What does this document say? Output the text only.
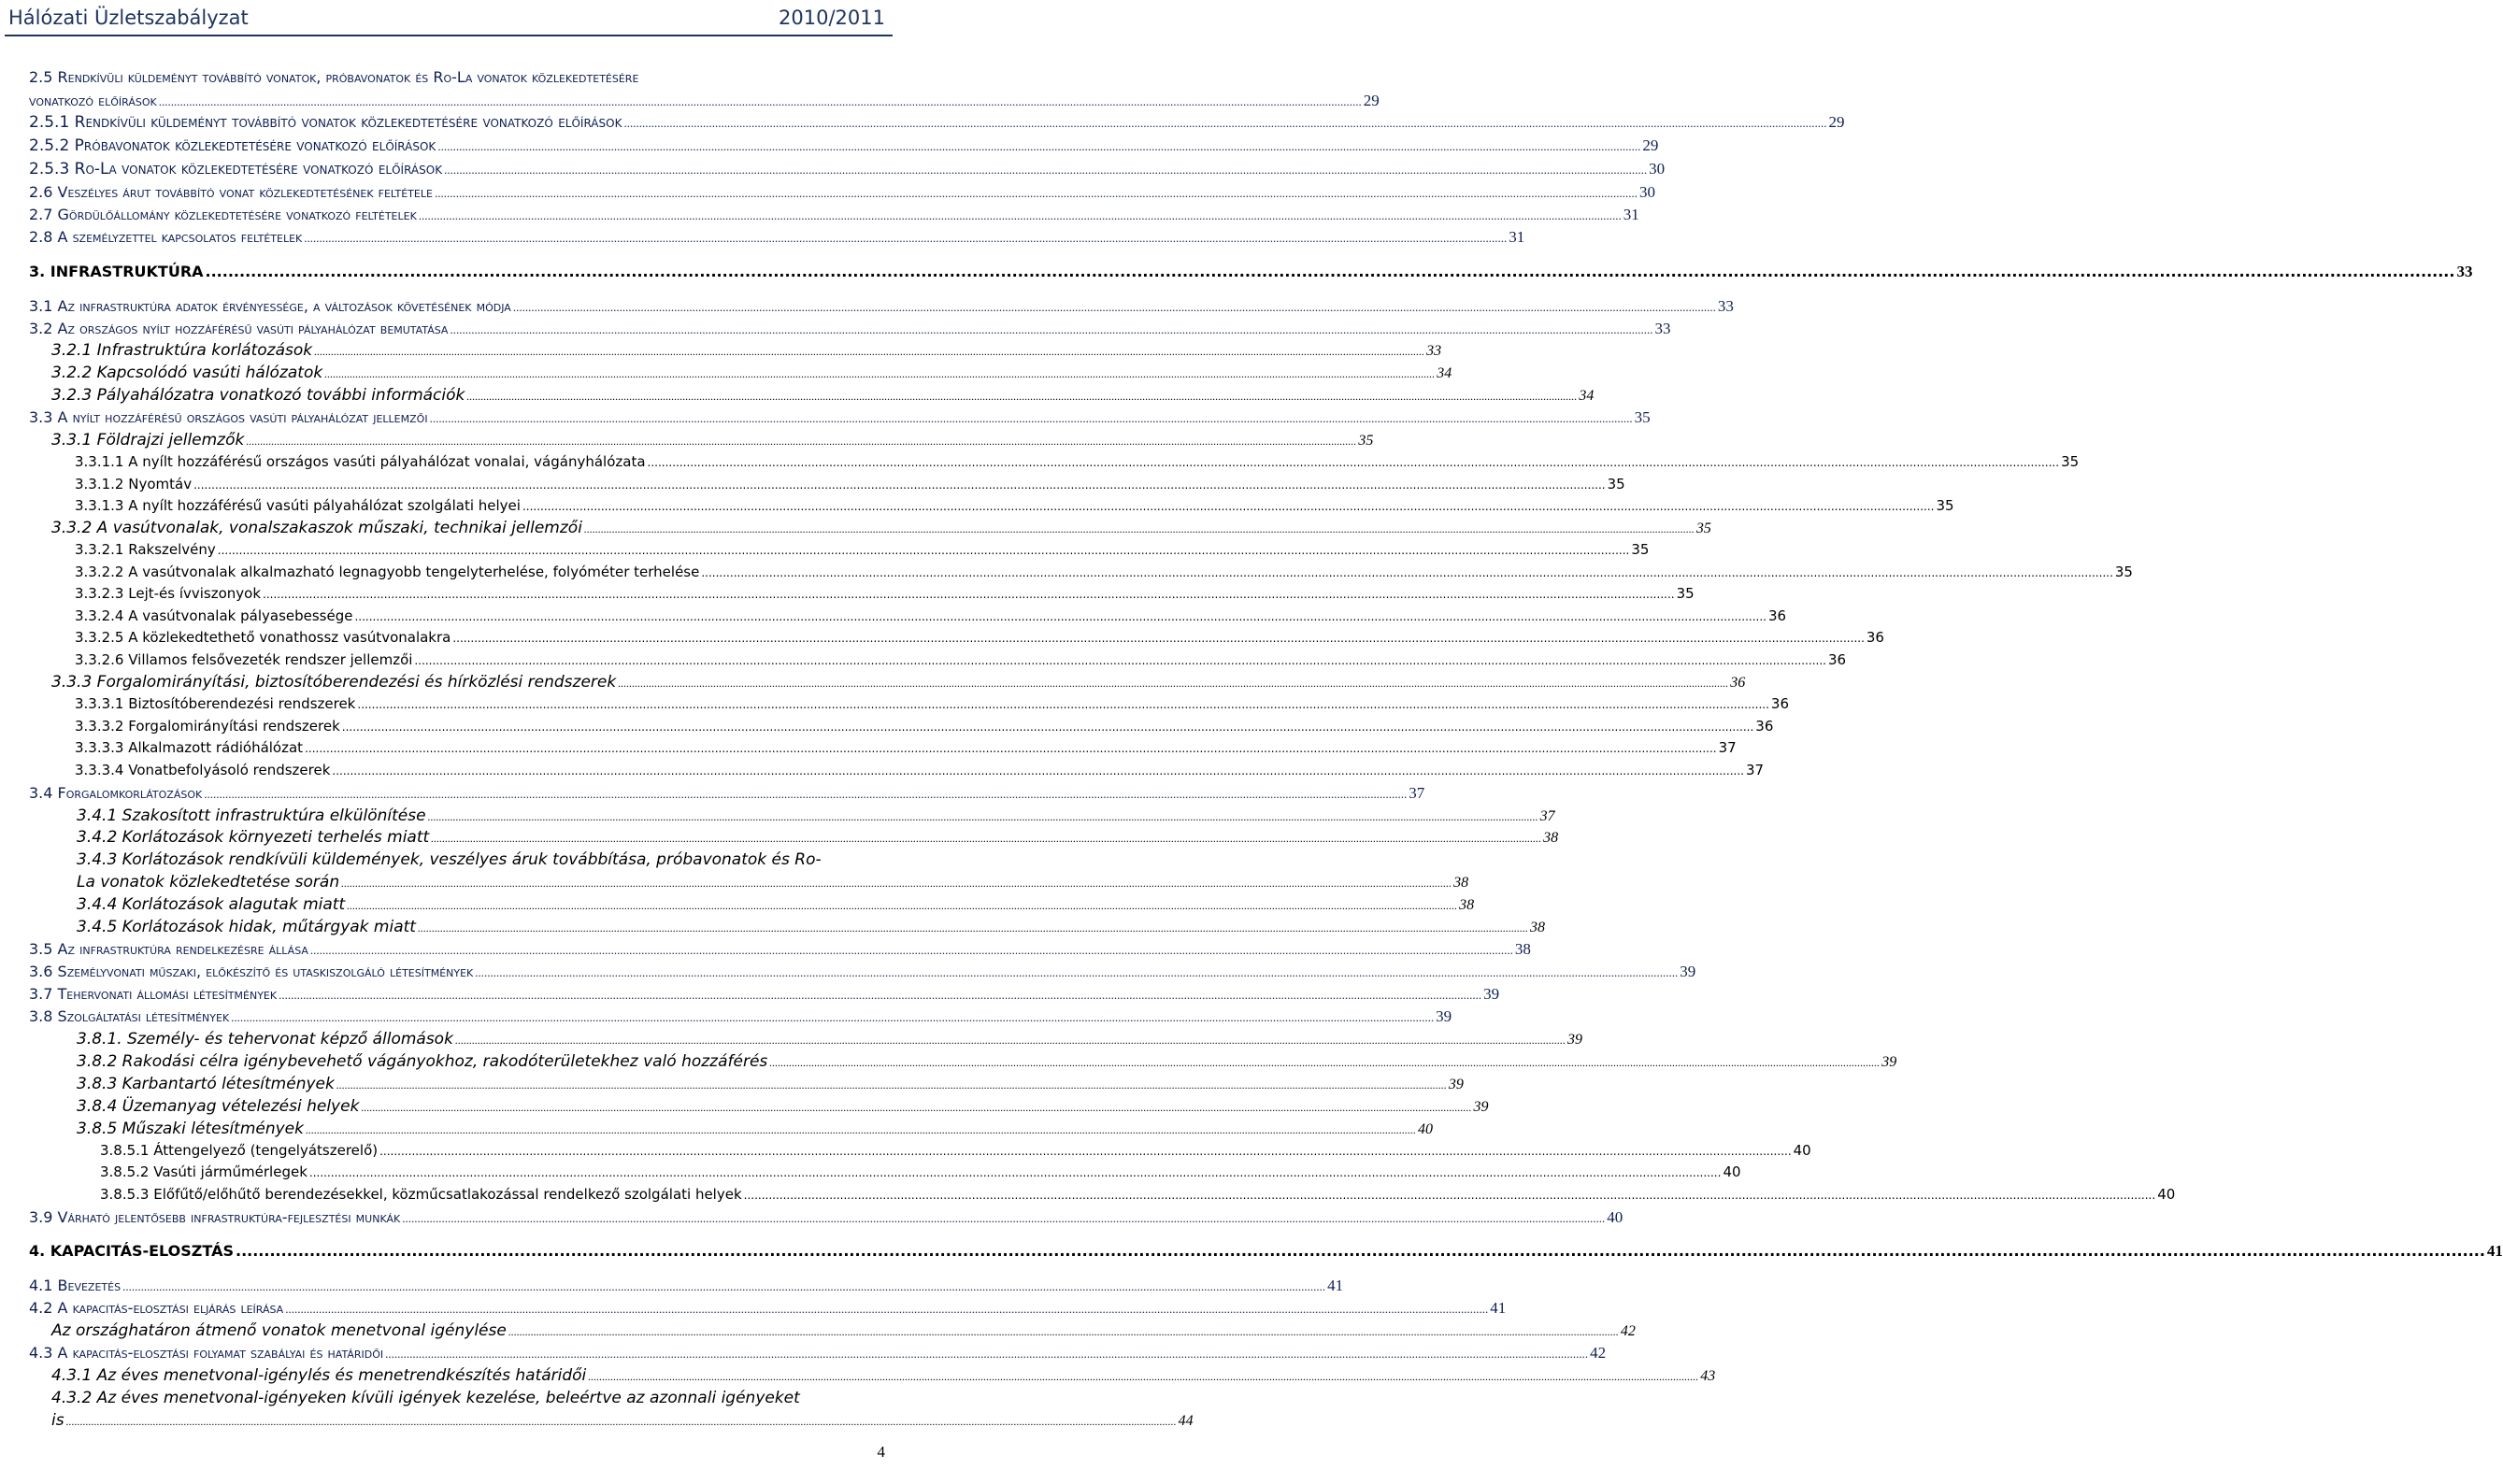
Hálózati Üzletszabályzat	2010/2011
2.5 Rendkívüli küldeményt továbbító vonatok, próbavonatok és Ro-La vonatok közlekedtetésére
vonatkozó előírások .....	29
2.5.1 Rendkívüli küldeményt továbbító vonatok közlekedtetésére vonatkozó előírások .....	29
2.5.2 Próbavonatok közlekedtetésére vonatkozó előírások .....	29
2.5.3 Ro-La vonatok közlekedtetésére vonatkozó előírások .....	30
2.6 Veszélyes árut továbbító vonat közlekedtetésének feltétele .....	30
2.7 Gördülőállomány közlekedtetésére vonatkozó feltételek .....	31
2.8 A személyzettel kapcsolatos feltételek .....	31
3. INFRASTRUKTÚRA .....	33
3.1 Az infrastruktúra adatok érvényessége, a változások követésének módja .....	33
3.2 Az országos nyílt hozzáférésű vasúti pályahálózat bemutatása .....	33
3.2.1 Infrastruktúra korlátozások .....	33
3.2.2 Kapcsolódó vasúti hálózatok .....	34
3.2.3 Pályahálózatra vonatkozó további információk .....	34
3.3 A nyílt hozzáférésű országos vasúti pályahálózat jellemzői .....	35
3.3.1 Földrajzi jellemzők .....	35
3.3.1.1 A nyílt hozzáférésű országos vasúti pályahálózat vonalai, vágányhálózata .....	35
3.3.1.2 Nyomtáv .....	35
3.3.1.3 A nyílt hozzáférésű vasúti pályahálózat szolgálati helyei .....	35
3.3.2 A vasútvonalak, vonalszakaszok műszaki, technikai jellemzői .....	35
3.3.2.1 Rakszelvény .....	35
3.3.2.2 A vasútvonalak alkalmazható legnagyobb tengelyterhelése, folyóméter terhelése .....	35
3.3.2.3 Lejt-és ívviszonyok .....	35
3.3.2.4 A vasútvonalak pályasebessége .....	36
3.3.2.5 A közlekedtethető vonathossz vasútvonalakra .....	36
3.3.2.6 Villamos felsővezeték rendszer jellemzői .....	36
3.3.3 Forgalomirányítási, biztosítóberendezési és hírközlési rendszerek .....	36
3.3.3.1 Biztosítóberendezési rendszerek .....	36
3.3.3.2 Forgalomirányítási rendszerek .....	36
3.3.3.3 Alkalmazott rádióhálózat .....	37
3.3.3.4 Vonatbefolyásoló rendszerek .....	37
3.4 Forgalomkorlátozások .....	37
3.4.1 Szakosított infrastruktúra elkülönítése .....	37
3.4.2 Korlátozások környezeti terhelés miatt .....	38
3.4.3 Korlátozások rendkívüli küldemények, veszélyes áruk továbbítása, próbavonatok és Ro-
La vonatok közlekedtetése során .....	38
3.4.4 Korlátozások alagutak miatt .....	38
3.4.5 Korlátozások hidak, műtárgyak miatt .....	38
3.5 Az infrastruktúra rendelkezésre állása .....	38
3.6 Személyvonati műszaki, előkészítő és utaskiszolgáló létesítmények .....	39
3.7 Tehervonati állomási létesítmények .....	39
3.8 Szolgáltatási létesítmények .....	39
3.8.1. Személy- és tehervonat képző állomások .....	39
3.8.2 Rakodási célra igénybevehető vágányokhoz, rakodóterületekhez való hozzáférés .....	39
3.8.3 Karbantartó létesítmények .....	39
3.8.4 Üzemanyag vételezési helyek .....	39
3.8.5 Műszaki létesítmények .....	40
3.8.5.1 Áttengelyező (tengelyátszerelő) .....	40
3.8.5.2 Vasúti járműmérlegek .....	40
3.8.5.3 Előfűtő/előhűtő berendezésekkel, közműcsatlakozással rendelkező szolgálati helyek .....	40
3.9 Várható jelentősebb infrastruktúra-fejlesztési munkák .....	40
4. KAPACITÁS-ELOSZTÁS .....	41
4.1 Bevezetés .....	41
4.2 A kapacitás-elosztási eljárás leírása .....	41
Az országhatáron átmenő vonatok menetvonal igénylése .....	42
4.3 A kapacitás-elosztási folyamat szabályai és határidői .....	42
4.3.1 Az éves menetvonal-igénylés és menetrendkészítés határidői .....	43
4.3.2 Az éves menetvonal-igényeken kívüli igények kezelése, beleértve az azonnali igényeket
is .....	44
4
